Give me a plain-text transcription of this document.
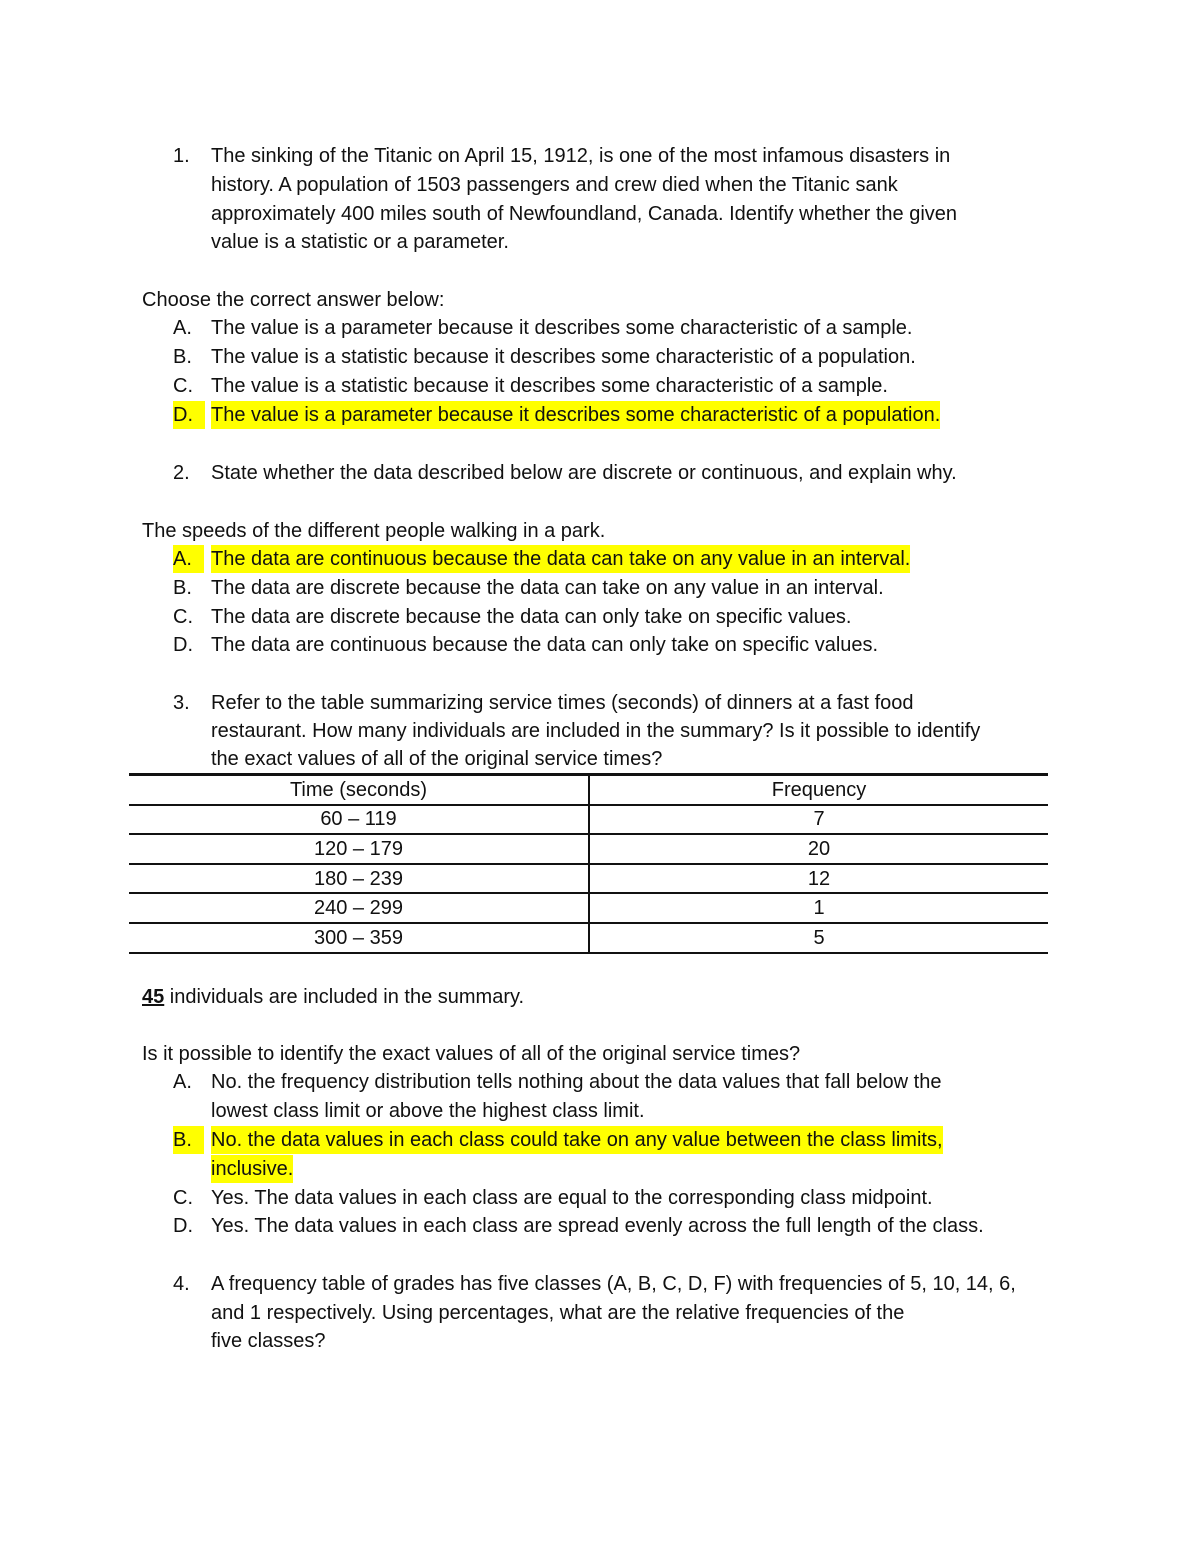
1. The sinking of the Titanic on April 15, 1912, is one of the most infamous disasters in
history. A population of 1503 passengers and crew died when the Titanic sank
approximately 400 miles south of Newfoundland, Canada. Identify whether the given
value is a statistic or a parameter.
Choose the correct answer below:
A. The value is a parameter because it describes some characteristic of a sample.
B. The value is a statistic because it describes some characteristic of a population.
C. The value is a statistic because it describes some characteristic of a sample.
D. The value is a parameter because it describes some characteristic of a population.
2. State whether the data described below are discrete or continuous, and explain why.
The speeds of the different people walking in a park.
A. The data are continuous because the data can take on any value in an interval.
B. The data are discrete because the data can take on any value in an interval.
C. The data are discrete because the data can only take on specific values.
D. The data are continuous because the data can only take on specific values.
3. Refer to the table summarizing service times (seconds) of dinners at a fast food
restaurant. How many individuals are included in the summary? Is it possible to identify
the exact values of all of the original service times?
Time (seconds)	Frequency
60 – 119	7
120 – 179	20
180 – 239	12
240 – 299	1
300 – 359	5
45 individuals are included in the summary.
Is it possible to identify the exact values of all of the original service times?
A. No. the frequency distribution tells nothing about the data values that fall below the
lowest class limit or above the highest class limit.
B. No. the data values in each class could take on any value between the class limits,
inclusive.
C. Yes. The data values in each class are equal to the corresponding class midpoint.
D. Yes. The data values in each class are spread evenly across the full length of the class.
4. A frequency table of grades has five classes (A, B, C, D, F) with frequencies of 5, 10, 14, 6,
and 1 respectively. Using percentages, what are the relative frequencies of the
five classes?
